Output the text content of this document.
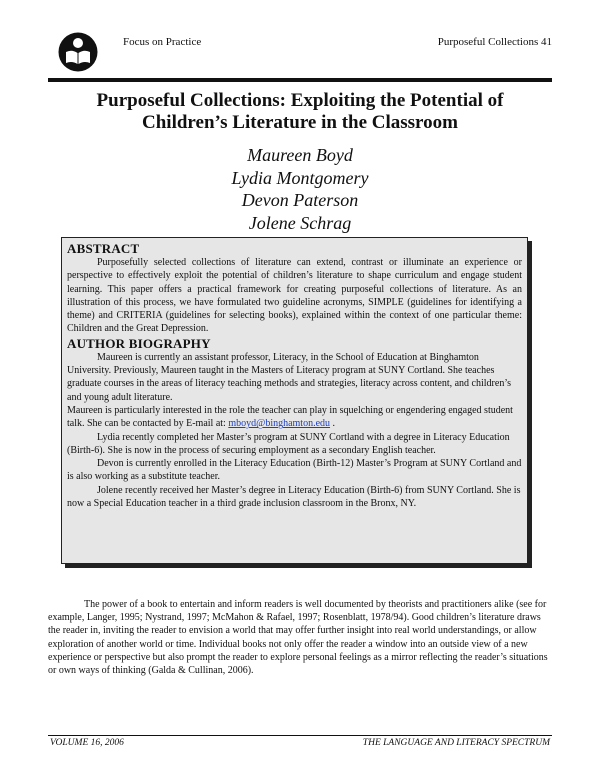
Focus on Practice	Purposeful Collections 41
Purposeful Collections: Exploiting the Potential of
Children’s Literature in the Classroom
Maureen Boyd
Lydia Montgomery
Devon Paterson
Jolene Schrag
ABSTRACT

Purposefully selected collections of literature can extend, contrast or illuminate an experience or perspective to effectively exploit the potential of children’s literature to shape curriculum and engage student learning. This paper offers a practical framework for creating purposeful collections of literature. As an illustration of this process, we have formulated two guideline acronyms, SIMPLE (guidelines for identifying a theme) and CRITERIA (guidelines for selecting books), explained within the context of one particular theme: Children and the Great Depression.

AUTHOR BIOGRAPHY

Maureen is currently an assistant professor, Literacy, in the School of Education at Binghamton University. Previously, Maureen taught in the Masters of Literacy program at SUNY Cortland. She teaches graduate courses in the areas of literacy teaching methods and strategies, literacy across content, and children’s and young adult literature.

Maureen is particularly interested in the role the teacher can play in squelching or engendering engaged student talk. She can be contacted by E-mail at: mboyd@binghamton.edu .

Lydia recently completed her Master’s program at SUNY Cortland with a degree in Literacy Education (Birth-6). She is now in the process of securing employment as a secondary English teacher.

Devon is currently enrolled in the Literacy Education (Birth-12) Master’s Program at SUNY Cortland and is also working as a substitute teacher.

Jolene recently received her Master’s degree in Literacy Education (Birth-6) from SUNY Cortland. She is now a Special Education teacher in a third grade inclusion classroom in the Bronx, NY.

The power of a book to entertain and inform readers is well documented by theorists and practitioners alike (see for example, Langer, 1995; Nystrand, 1997; McMahon & Rafael, 1997; Rosenblatt, 1978/94). Good children’s literature draws the reader in, inviting the reader to envision a world that may offer further insight into real world understandings, or allow exploration of another world or time. Individual books not only offer the reader a window into an outside view of a new experience or perspective but also prompt the reader to explore personal feelings as a mirror reflecting the reader’s situations or own ways of thinking (Galda & Cullinan, 2006).

VOLUME 16, 2006	THE LANGUAGE AND LITERACY SPECTRUM
